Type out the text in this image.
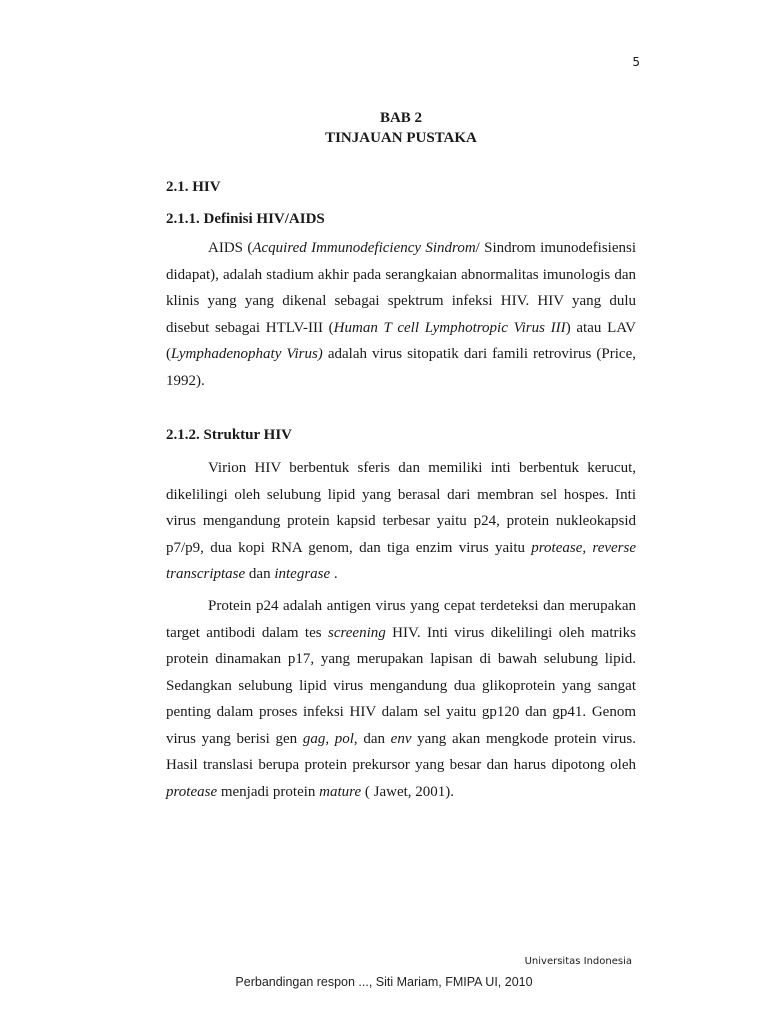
5
BAB 2
TINJAUAN PUSTAKA
2.1. HIV
2.1.1. Definisi HIV/AIDS

AIDS (Acquired Immunodeficiency Sindrom/ Sindrom imunodefisiensi didapat), adalah stadium akhir pada serangkaian abnormalitas imunologis dan klinis yang yang dikenal sebagai spektrum infeksi HIV. HIV yang dulu disebut sebagai HTLV-III (Human T cell Lymphotropic Virus III) atau LAV (Lymphadenophaty Virus) adalah virus sitopatik dari famili retrovirus (Price, 1992).

2.1.2. Struktur HIV

Virion HIV berbentuk sferis dan memiliki inti berbentuk kerucut, dikelilingi oleh selubung lipid yang berasal dari membran sel hospes. Inti virus mengandung protein kapsid terbesar yaitu p24, protein nukleokapsid p7/p9, dua kopi RNA genom, dan tiga enzim virus yaitu protease, reverse transcriptase dan integrase .

Protein p24 adalah antigen virus yang cepat terdeteksi dan merupakan target antibodi dalam tes screening HIV. Inti virus dikelilingi oleh matriks protein dinamakan p17, yang merupakan lapisan di bawah selubung lipid. Sedangkan selubung lipid virus mengandung dua glikoprotein yang sangat penting dalam proses infeksi HIV dalam sel yaitu gp120 dan gp41. Genom virus yang berisi gen gag, pol, dan env yang akan mengkode protein virus. Hasil translasi berupa protein prekursor yang besar dan harus dipotong oleh protease menjadi protein mature ( Jawet, 2001).

Universitas Indonesia
Perbandingan respon ..., Siti Mariam, FMIPA UI, 2010
